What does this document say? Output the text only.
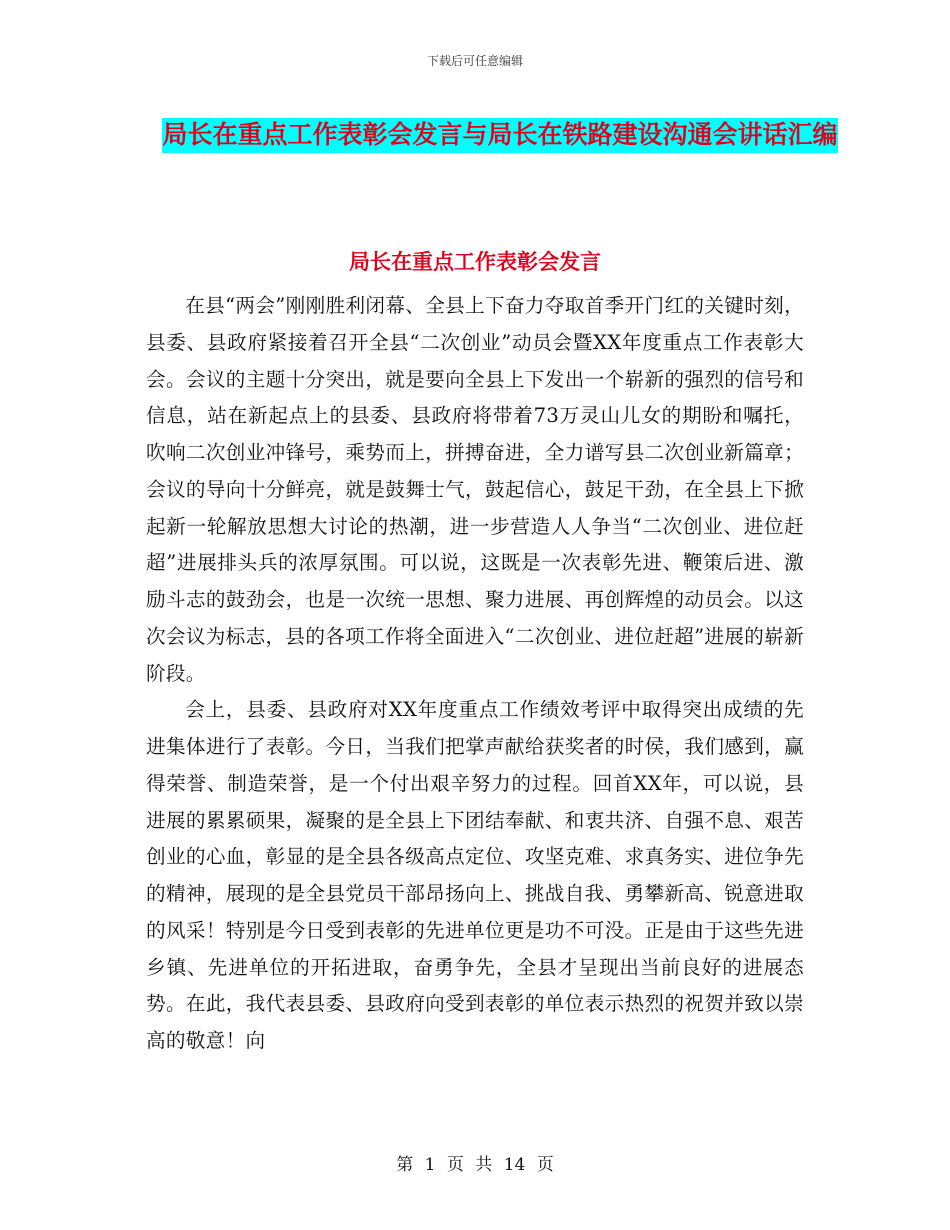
下载后可任意编辑
局长在重点工作表彰会发言与局长在铁路建设沟通会讲话汇编
局长在重点工作表彰会发言

在县“两会”刚刚胜利闭幕、全县上下奋力夺取首季开门红的关键时刻，县委、县政府紧接着召开全县“二次创业”动员会暨XX年度重点工作表彰大会。会议的主题十分突出，就是要向全县上下发出一个崭新的强烈的信号和信息，站在新起点上的县委、县政府将带着73万灵山儿女的期盼和嘱托，吹响二次创业冲锋号，乘势而上，拼搏奋进，全力谱写县二次创业新篇章；会议的导向十分鲜亮，就是鼓舞士气，鼓起信心，鼓足干劲，在全县上下掀起新一轮解放思想大讨论的热潮，进一步营造人人争当“二次创业、进位赶超”进展排头兵的浓厚氛围。可以说，这既是一次表彰先进、鞭策后进、激励斗志的鼓劲会，也是一次统一思想、聚力进展、再创辉煌的动员会。以这次会议为标志，县的各项工作将全面进入“二次创业、进位赶超”进展的崭新阶段。

会上，县委、县政府对XX年度重点工作绩效考评中取得突出成绩的先进集体进行了表彰。今日，当我们把掌声献给获奖者的时侯，我们感到，赢得荣誉、制造荣誉，是一个付出艰辛努力的过程。回首XX年，可以说，县进展的累累硕果，凝聚的是全县上下团结奉献、和衷共济、自强不息、艰苦创业的心血，彰显的是全县各级高点定位、攻坚克难、求真务实、进位争先的精神，展现的是全县党员干部昂扬向上、挑战自我、勇攀新高、锐意进取的风采！特别是今日受到表彰的先进单位更是功不可没。正是由于这些先进乡镇、先进单位的开拓进取，奋勇争先，全县才呈现出当前良好的进展态势。在此，我代表县委、县政府向受到表彰的单位表示热烈的祝贺并致以崇高的敬意！向

第 1 页 共 14 页
